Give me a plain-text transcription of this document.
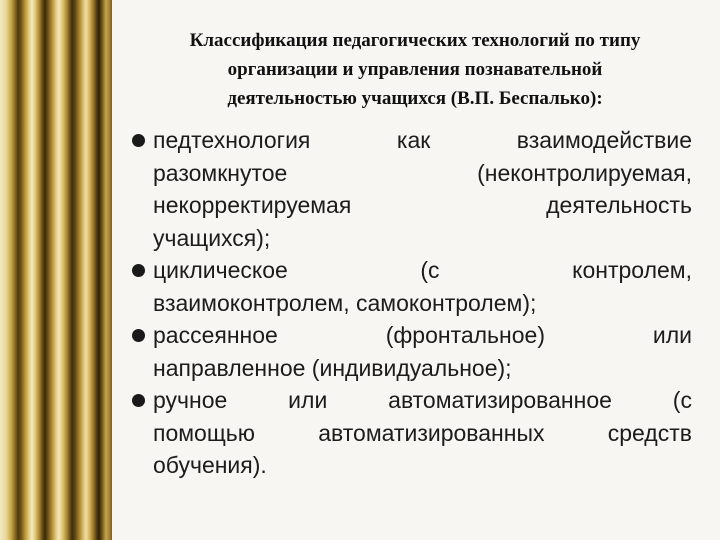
Классификация педагогических технологий по типу
организации и управления познавательной
деятельностью учащихся (В.П. Беспалько):
педтехнология	как	взаимодействие
разомкнутое	(неконтролируемая,
некорректируемая	деятельность
учащихся);
циклическое	(с	контролем,
взаимоконтролем, самоконтролем);
рассеянное	(фронтальное)	или
направленное (индивидуальное);
ручное	или	автоматизированное	(с
помощью	автоматизированных	средств
обучения).
